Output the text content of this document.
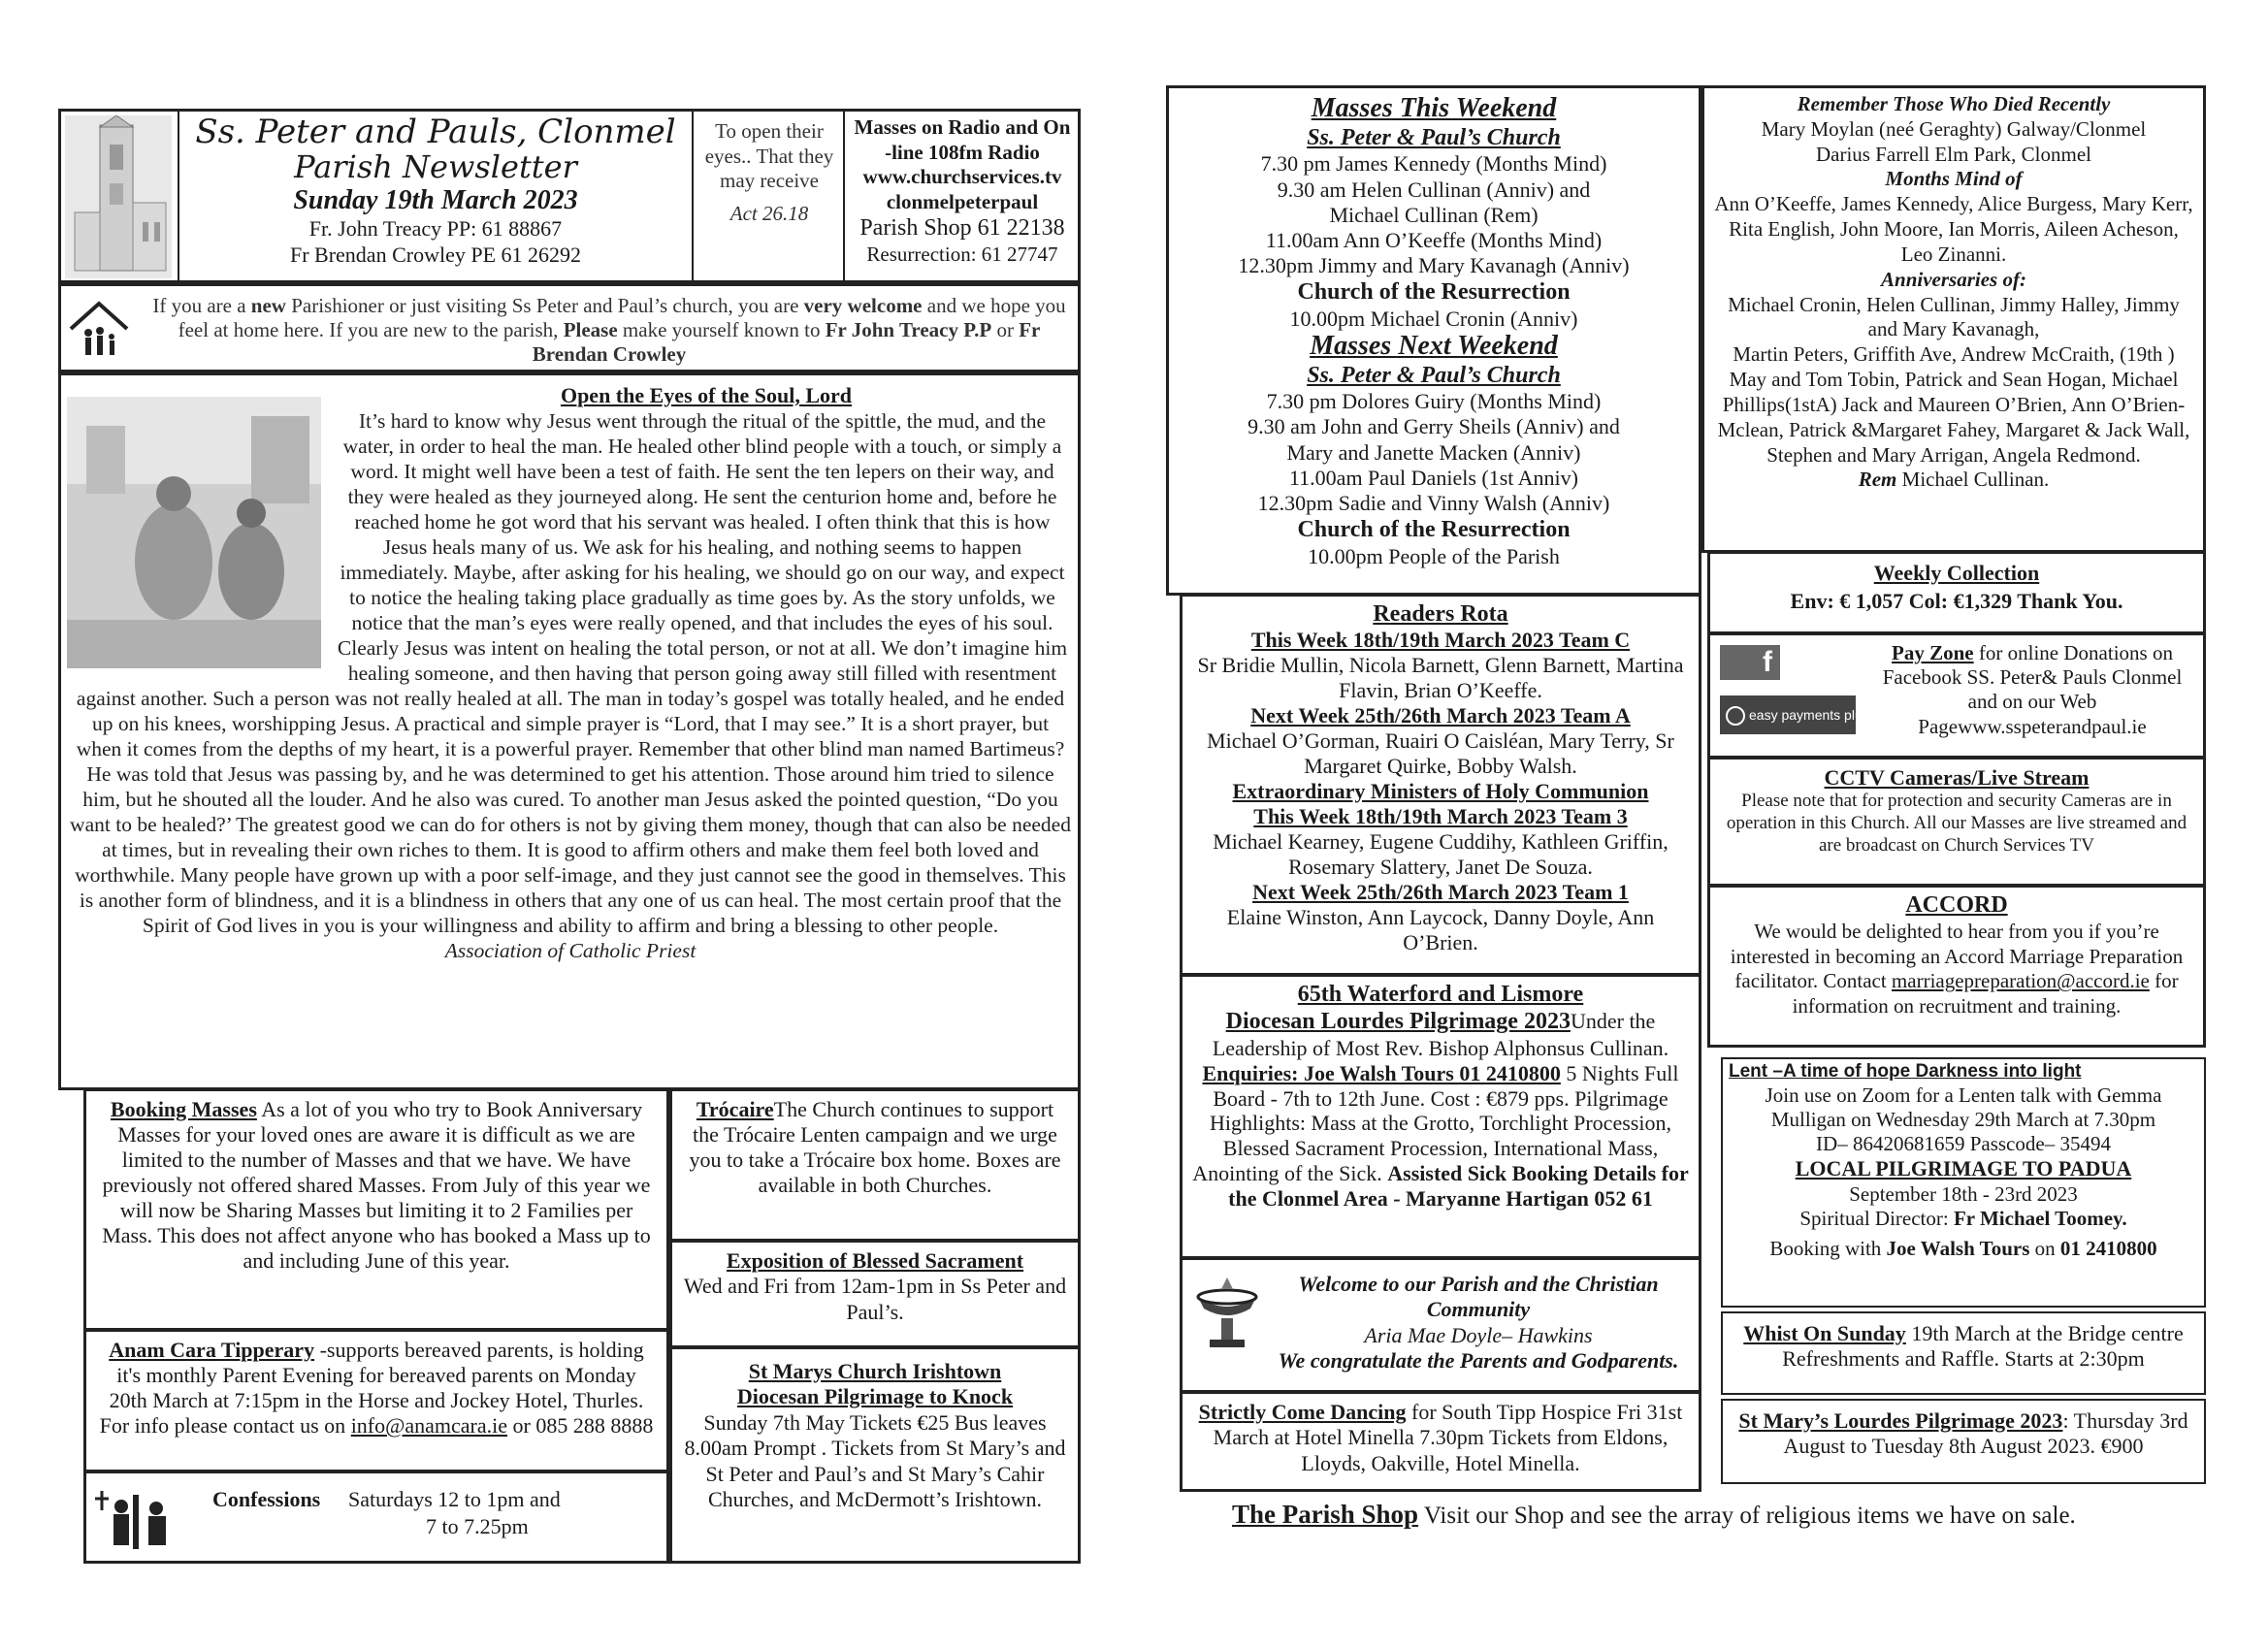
Ss. Peter and Pauls, Clonmel
Parish Newsletter
Sunday 19th March 2023
Fr. John Treacy PP: 61 88867
Fr Brendan Crowley PE 61 26292
To open their eyes.. That they may receive
Act 26.18
Masses on Radio and On -line 108fm Radio
www.churchservices.tv
clonmelpeterpaul
Parish Shop 61 22138
Resurrection: 61 27747
If you are a new Parishioner or just visiting Ss Peter and Paul’s church, you are very welcome and we hope you feel at home here. If you are new to the parish, Please make yourself known to Fr John Treacy P.P or Fr Brendan Crowley
Open the Eyes of the Soul, Lord
It’s hard to know why Jesus went through the ritual of the spittle, the mud, and the water, in order to heal the man. He healed other blind people with a touch, or simply a word. It might well have been a test of faith. He sent the ten lepers on their way, and they were healed as they journeyed along. He sent the centurion home and, before he reached home he got word that his servant was healed. I often think that this is how Jesus heals many of us. We ask for his healing, and nothing seems to happen immediately. Maybe, after asking for his healing, we should go on our way, and expect to notice the healing taking place gradually as time goes by. As the story unfolds, we notice that the man’s eyes were really opened, and that includes the eyes of his soul. Clearly Jesus was intent on healing the total person, or not at all. We don’t imagine him healing someone, and then having that person going away still filled with resentment against another. Such a person was not really healed at all. The man in today’s gospel was totally healed, and he ended up on his knees, worshipping Jesus. A practical and simple prayer is “Lord, that I may see.” It is a short prayer, but when it comes from the depths of my heart, it is a powerful prayer. Remember that other blind man named Bartimeus? He was told that Jesus was passing by, and he was determined to get his attention. Those around him tried to silence him, but he shouted all the louder. And he also was cured. To another man Jesus asked the pointed question, “Do you want to be healed?’ The greatest good we can do for others is not by giving them money, though that can also be needed at times, but in revealing their own riches to them. It is good to affirm others and make them feel both loved and worthwhile. Many people have grown up with a poor self-image, and they just cannot see the good in themselves. This is another form of blindness, and it is a blindness in others that any one of us can heal. The most certain proof that the Spirit of God lives in you is your willingness and ability to affirm and bring a blessing to other people.
Association of Catholic Priest
Booking Masses As a lot of you who try to Book Anniversary Masses for your loved ones are aware it is difficult as we are limited to the number of Masses and that we have. We have previously not offered shared Masses. From July of this year we will now be Sharing Masses but limiting it to 2 Families per Mass. This does not affect anyone who has booked a Mass up to and including June of this year.
Anam Cara Tipperary -supports bereaved parents, is holding it's monthly Parent Evening for bereaved parents on Monday 20th March at 7:15pm in the Horse and Jockey Hotel, Thurles. For info please contact us on info@anamcara.ie or 085 288 8888
Confessions Saturdays 12 to 1pm and
7 to 7.25pm
TrócaireThe Church continues to support the Trócaire Lenten campaign and we urge you to take a Trócaire box home. Boxes are available in both Churches.
Exposition of Blessed Sacrament
Wed and Fri from 12am-1pm in Ss Peter and Paul’s.
St Marys Church Irishtown
Diocesan Pilgrimage to Knock
Sunday 7th May Tickets €25 Bus leaves 8.00am Prompt . Tickets from St Mary’s and St Peter and Paul’s and St Mary’s Cahir Churches, and McDermott’s Irishtown.
Masses This Weekend
Ss. Peter & Paul’s Church
7.30 pm James Kennedy (Months Mind)
9.30 am Helen Cullinan (Anniv) and
Michael Cullinan (Rem)
11.00am Ann O’Keeffe (Months Mind)
12.30pm Jimmy and Mary Kavanagh (Anniv)
Church of the Resurrection
10.00pm Michael Cronin (Anniv)
Masses Next Weekend
Ss. Peter & Paul’s Church
7.30 pm Dolores Guiry (Months Mind)
9.30 am John and Gerry Sheils (Anniv) and
Mary and Janette Macken (Anniv)
11.00am Paul Daniels (1st Anniv)
12.30pm Sadie and Vinny Walsh (Anniv)
Church of the Resurrection
10.00pm People of the Parish
Readers Rota
This Week 18th/19th March 2023 Team C
Sr Bridie Mullin, Nicola Barnett, Glenn Barnett, Martina Flavin, Brian O’Keeffe.
Next Week 25th/26th March 2023 Team A
Michael O’Gorman, Ruairi O Caisléan, Mary Terry, Sr Margaret Quirke, Bobby Walsh.
Extraordinary Ministers of Holy Communion
This Week 18th/19th March 2023 Team 3
Michael Kearney, Eugene Cuddihy, Kathleen Griffin, Rosemary Slattery, Janet De Souza.
Next Week 25th/26th March 2023 Team 1
Elaine Winston, Ann Laycock, Danny Doyle, Ann O’Brien.
65th Waterford and Lismore
Diocesan Lourdes Pilgrimage 2023Under the Leadership of Most Rev. Bishop Alphonsus Cullinan. Enquiries: Joe Walsh Tours 01 2410800 5 Nights Full Board - 7th to 12th June. Cost : €879 pps. Pilgrimage Highlights: Mass at the Grotto, Torchlight Procession, Blessed Sacrament Procession, International Mass, Anointing of the Sick. Assisted Sick Booking Details for the Clonmel Area - Maryanne Hartigan 052 61
Welcome to our Parish and the Christian Community
Aria Mae Doyle– Hawkins
We congratulate the Parents and Godparents.
Strictly Come Dancing for South Tipp Hospice Fri 31st March at Hotel Minella 7.30pm Tickets from Eldons, Lloyds, Oakville, Hotel Minella.
The Parish Shop Visit our Shop and see the array of religious items we have on sale.
Remember Those Who Died Recently
Mary Moylan (neé Geraghty) Galway/Clonmel
Darius Farrell Elm Park, Clonmel
Months Mind of
Ann O’Keeffe, James Kennedy, Alice Burgess, Mary Kerr, Rita English, John Moore, Ian Morris, Aileen Acheson, Leo Zinanni.
Anniversaries of:
Michael Cronin, Helen Cullinan, Jimmy Halley, Jimmy and Mary Kavanagh,
Martin Peters, Griffith Ave, Andrew McCraith, (19th ) May and Tom Tobin, Patrick and Sean Hogan, Michael Phillips(1stA) Jack and Maureen O’Brien, Ann O’Brien-Mclean, Patrick &Margaret Fahey, Margaret & Jack Wall, Stephen and Mary Arrigan, Angela Redmond.
Rem Michael Cullinan.
Weekly Collection
Env: € 1,057 Col: €1,329 Thank You.
f
easy payments plus
Pay Zone for online Donations on Facebook SS. Peter& Pauls Clonmel and on our Web Pagewww.sspeterandpaul.ie
CCTV Cameras/Live Stream
Please note that for protection and security Cameras are in operation in this Church. All our Masses are live streamed and are broadcast on Church Services TV
ACCORD
We would be delighted to hear from you if you’re interested in becoming an Accord Marriage Preparation facilitator. Contact marriagepreparation@accord.ie for information on recruitment and training.
Lent –A time of hope Darkness into light
Join use on Zoom for a Lenten talk with Gemma Mulligan on Wednesday 29th March at 7.30pm
ID– 86420681659 Passcode– 35494
LOCAL PILGRIMAGE TO PADUA
September 18th - 23rd 2023
Spiritual Director: Fr Michael Toomey.
Booking with Joe Walsh Tours on 01 2410800
Whist On Sunday 19th March at the Bridge centre Refreshments and Raffle. Starts at 2:30pm
St Mary’s Lourdes Pilgrimage 2023: Thursday 3rd August to Tuesday 8th August 2023. €900
